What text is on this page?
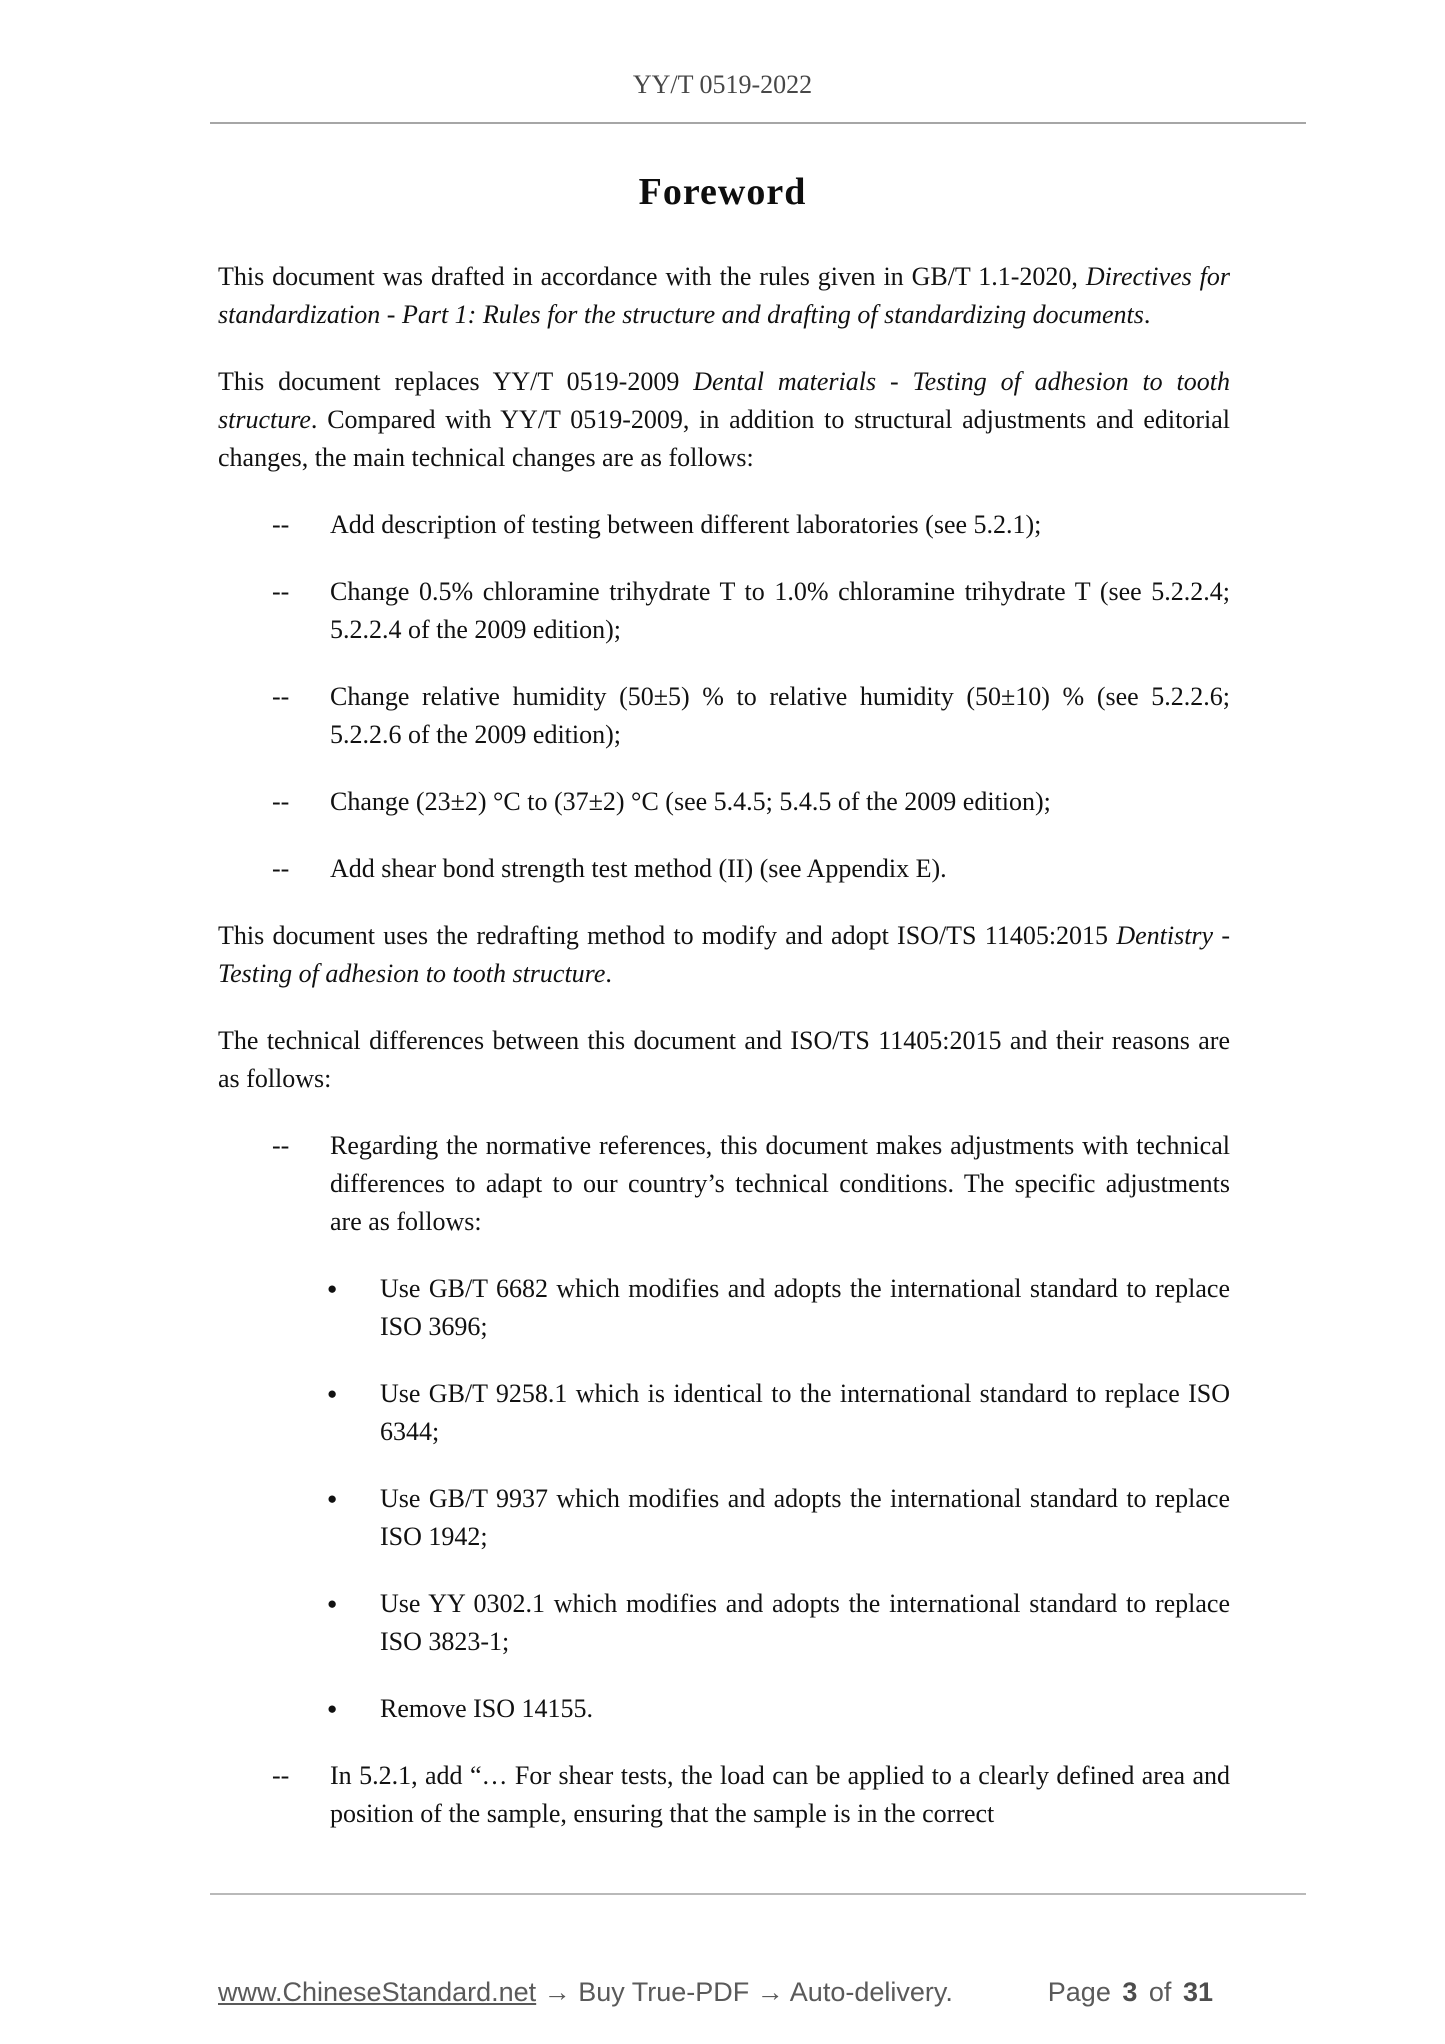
YY/T 0519-2022
Foreword
This document was drafted in accordance with the rules given in GB/T 1.1-2020, Directives for standardization - Part 1: Rules for the structure and drafting of standardizing documents.
This document replaces YY/T 0519-2009 Dental materials - Testing of adhesion to tooth structure. Compared with YY/T 0519-2009, in addition to structural adjustments and editorial changes, the main technical changes are as follows:
--	Add description of testing between different laboratories (see 5.2.1);
--	Change 0.5% chloramine trihydrate T to 1.0% chloramine trihydrate T (see 5.2.2.4; 5.2.2.4 of the 2009 edition);
--	Change relative humidity (50±5) % to relative humidity (50±10) % (see 5.2.2.6; 5.2.2.6 of the 2009 edition);
--	Change (23±2) °C to (37±2) °C (see 5.4.5; 5.4.5 of the 2009 edition);
--	Add shear bond strength test method (II) (see Appendix E).
This document uses the redrafting method to modify and adopt ISO/TS 11405:2015 Dentistry - Testing of adhesion to tooth structure.
The technical differences between this document and ISO/TS 11405:2015 and their reasons are as follows:
--	Regarding the normative references, this document makes adjustments with technical differences to adapt to our country’s technical conditions. The specific adjustments are as follows:
●	Use GB/T 6682 which modifies and adopts the international standard to replace ISO 3696;
●	Use GB/T 9258.1 which is identical to the international standard to replace ISO 6344;
●	Use GB/T 9937 which modifies and adopts the international standard to replace ISO 1942;
●	Use YY 0302.1 which modifies and adopts the international standard to replace ISO 3823-1;
●	Remove ISO 14155.
--	In 5.2.1, add “… For shear tests, the load can be applied to a clearly defined area and position of the sample, ensuring that the sample is in the correct
www.ChineseStandard.net → Buy True-PDF → Auto-delivery.	Page 3 of 31
